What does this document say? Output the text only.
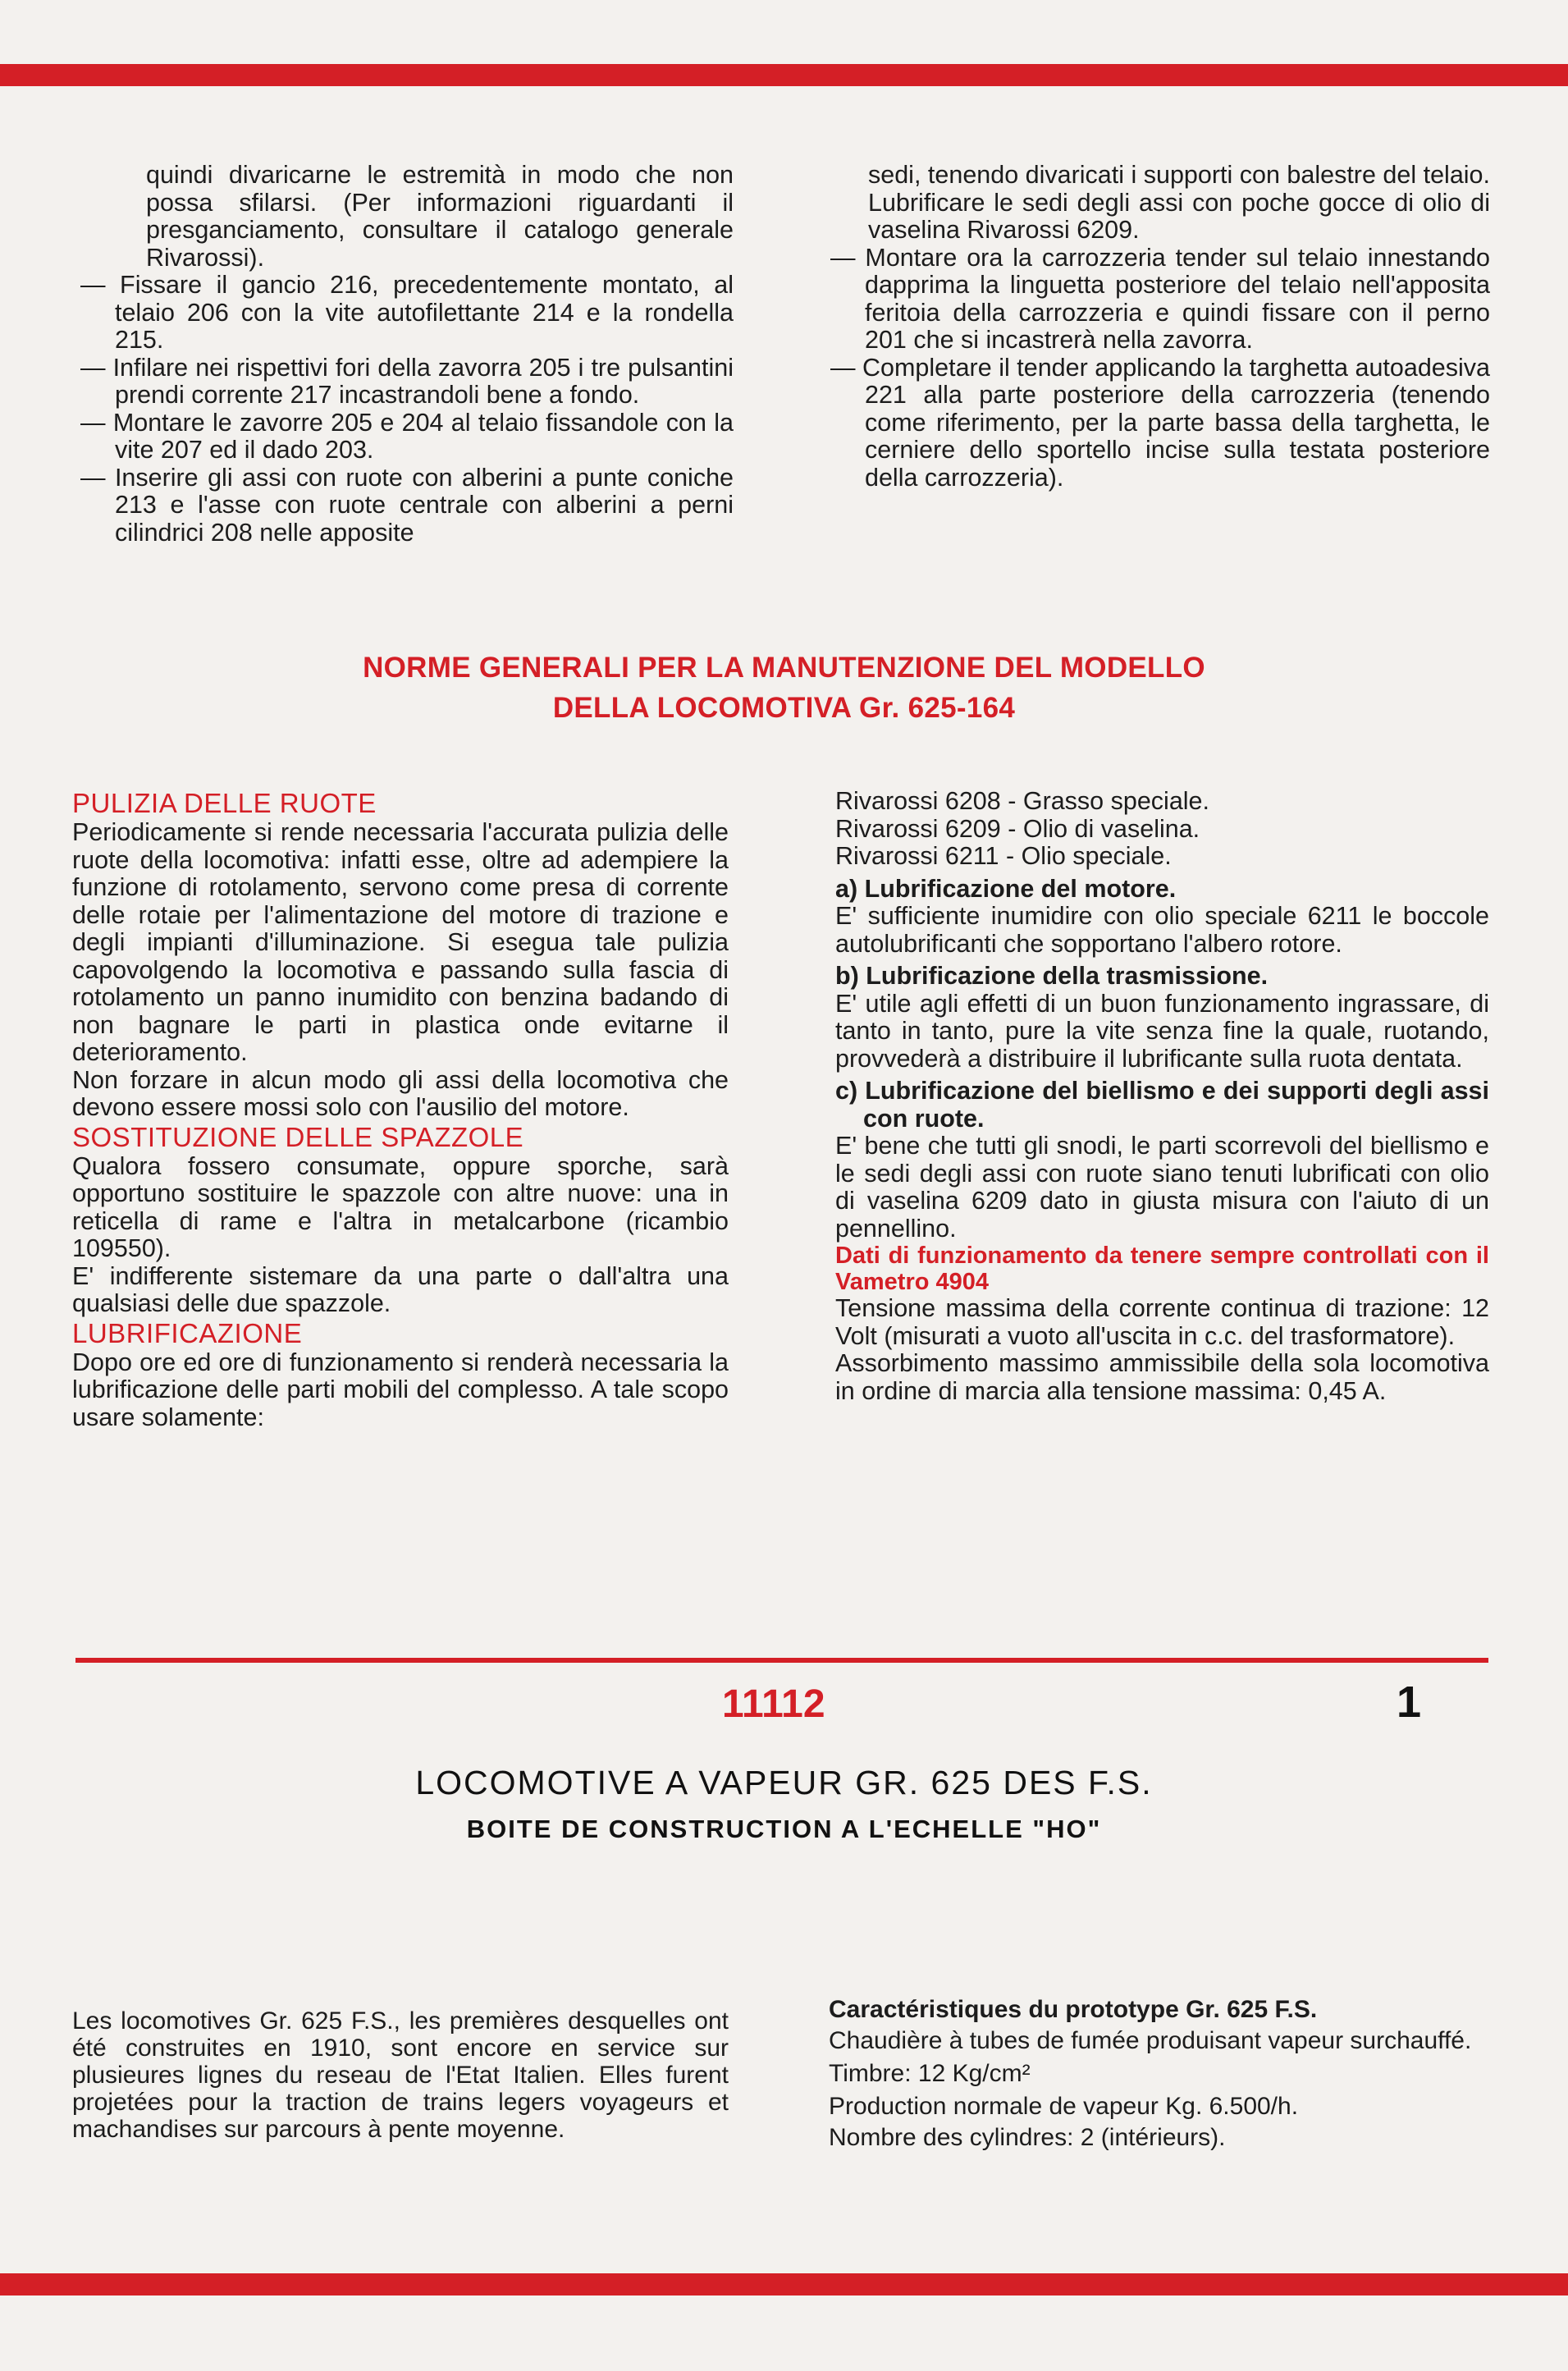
quindi divaricarne le estremità in modo che non possa sfilarsi. (Per informazioni riguardanti il presganciamento, consultare il catalogo generale Rivarossi).

— Fissare il gancio 216, precedentemente montato, al telaio 206 con la vite autofilettante 214 e la rondella 215.

— Infilare nei rispettivi fori della zavorra 205 i tre pulsantini prendi corrente 217 incastrandoli bene a fondo.

— Montare le zavorre 205 e 204 al telaio fissandole con la vite 207 ed il dado 203.

— Inserire gli assi con ruote con alberini a punte coniche 213 e l'asse con ruote centrale con alberini a perni cilindrici 208 nelle apposite

sedi, tenendo divaricati i supporti con balestre del telaio. Lubrificare le sedi degli assi con poche gocce di olio di vaselina Rivarossi 6209.

— Montare ora la carrozzeria tender sul telaio innestando dapprima la linguetta posteriore del telaio nell'apposita feritoia della carrozzeria e quindi fissare con il perno 201 che si incastrerà nella zavorra.

— Completare il tender applicando la targhetta autoadesiva 221 alla parte posteriore della carrozzeria (tenendo come riferimento, per la parte bassa della targhetta, le cerniere dello sportello incise sulla testata posteriore della carrozzeria).

NORME GENERALI PER LA MANUTENZIONE DEL MODELLO
DELLA LOCOMOTIVA Gr. 625-164

PULIZIA DELLE RUOTE

Periodicamente si rende necessaria l'accurata pulizia delle ruote della locomotiva: infatti esse, oltre ad adempiere la funzione di rotolamento, servono come presa di corrente delle rotaie per l'alimentazione del motore di trazione e degli impianti d'illuminazione. Si esegua tale pulizia capovolgendo la locomotiva e passando sulla fascia di rotolamento un panno inumidito con benzina badando di non bagnare le parti in plastica onde evitarne il deterioramento.

Non forzare in alcun modo gli assi della locomotiva che devono essere mossi solo con l'ausilio del motore.

SOSTITUZIONE DELLE SPAZZOLE

Qualora fossero consumate, oppure sporche, sarà opportuno sostituire le spazzole con altre nuove: una in reticella di rame e l'altra in metalcarbone (ricambio 109550).

E' indifferente sistemare da una parte o dall'altra una qualsiasi delle due spazzole.

LUBRIFICAZIONE

Dopo ore ed ore di funzionamento si renderà necessaria la lubrificazione delle parti mobili del complesso. A tale scopo usare solamente:

Rivarossi 6208 - Grasso speciale.

Rivarossi 6209 - Olio di vaselina.

Rivarossi 6211 - Olio speciale.

a) Lubrificazione del motore.

E' sufficiente inumidire con olio speciale 6211 le boccole autolubrificanti che sopportano l'albero rotore.

b) Lubrificazione della trasmissione.

E' utile agli effetti di un buon funzionamento ingrassare, di tanto in tanto, pure la vite senza fine la quale, ruotando, provvederà a distribuire il lubrificante sulla ruota dentata.

c) Lubrificazione del biellismo e dei supporti degli assi con ruote.

E' bene che tutti gli snodi, le parti scorrevoli del biellismo e le sedi degli assi con ruote siano tenuti lubrificati con olio di vaselina 6209 dato in giusta misura con l'aiuto di un pennellino.

Dati di funzionamento da tenere sempre controllati con il Vametro 4904

Tensione massima della corrente continua di trazione: 12 Volt (misurati a vuoto all'uscita in c.c. del trasformatore).

Assorbimento massimo ammissibile della sola locomotiva in ordine di marcia alla tensione massima: 0,45 A.

11112	1
LOCOMOTIVE A VAPEUR GR. 625 DES F.S.
BOITE DE CONSTRUCTION A L'ECHELLE "HO"

Les locomotives Gr. 625 F.S., les premières desquelles ont été construites en 1910, sont encore en service sur plusieures lignes du reseau de l'Etat Italien. Elles furent projetées pour la traction de trains legers voyageurs et machandises sur parcours à pente moyenne.

Caractéristiques du prototype Gr. 625 F.S.

Chaudière à tubes de fumée produisant vapeur surchauffé.

Timbre: 12 Kg/cm²

Production normale de vapeur Kg. 6.500/h.

Nombre des cylindres: 2 (intérieurs).
